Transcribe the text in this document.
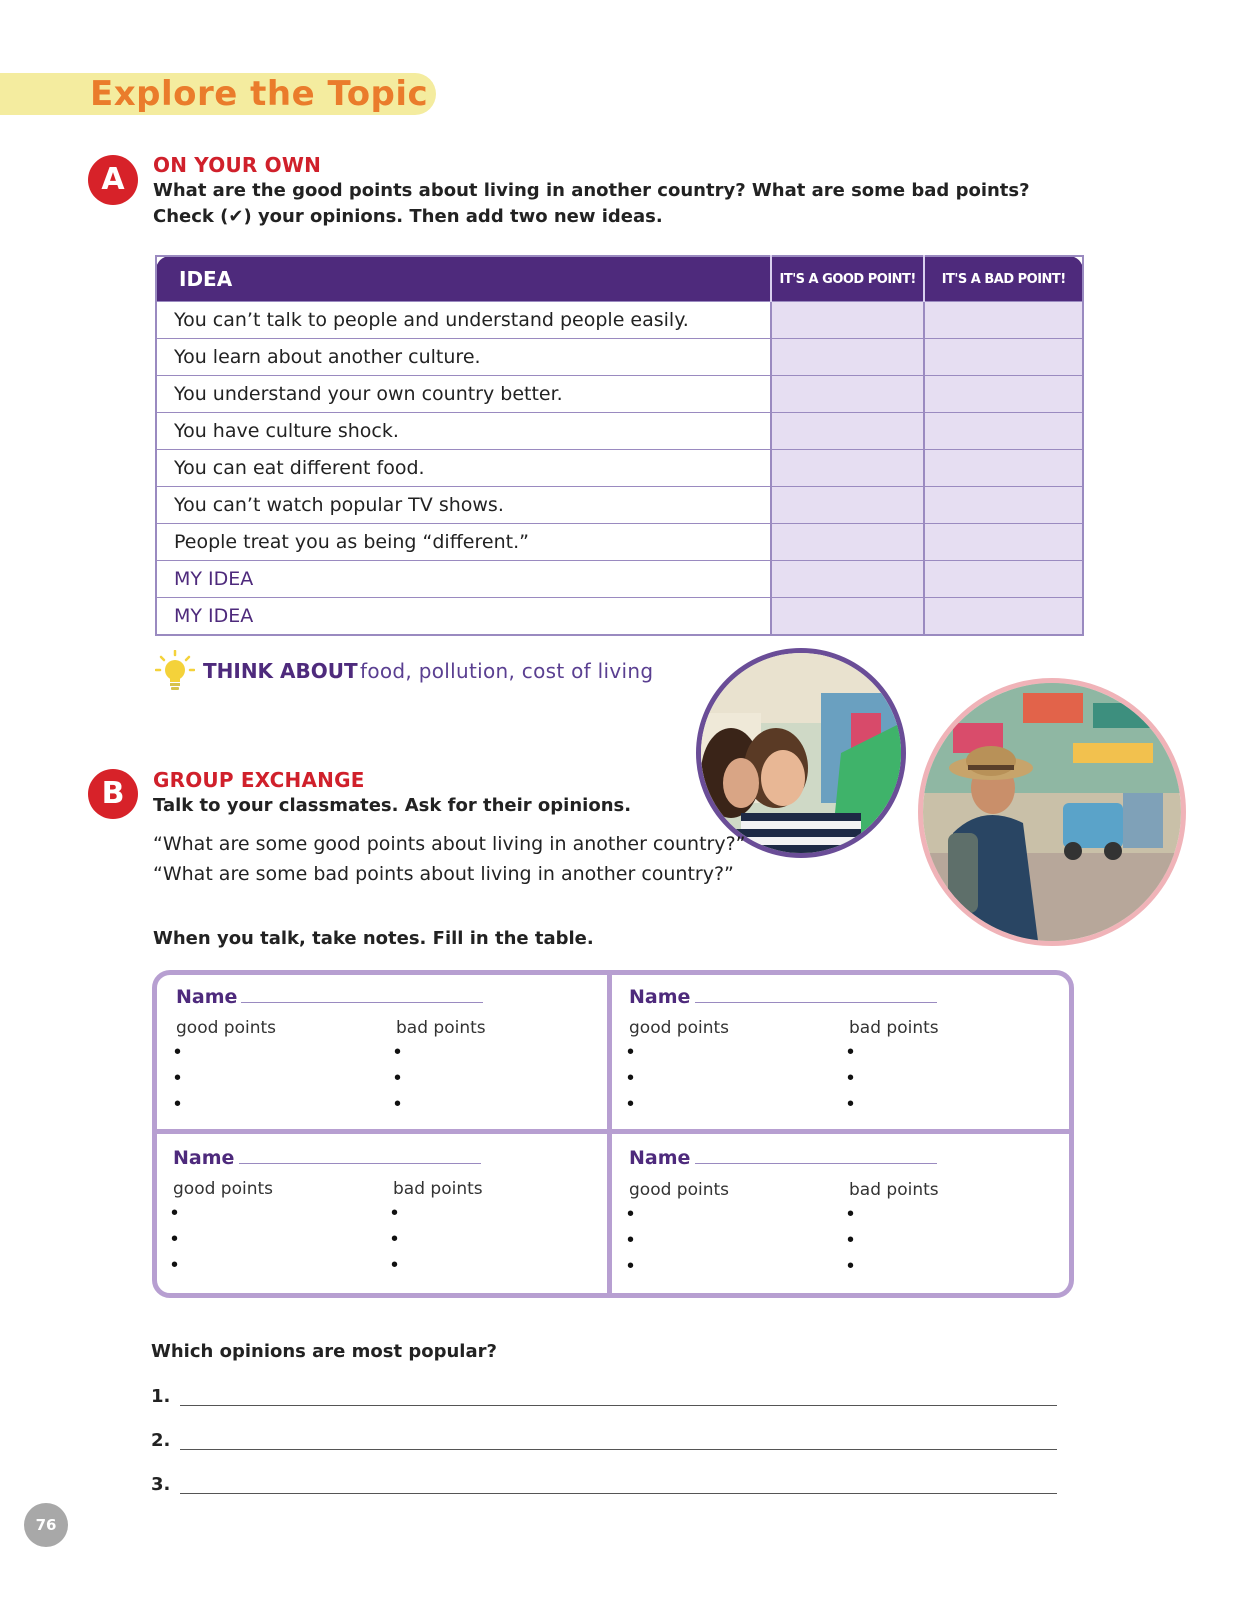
Explore the Topic
A	ON YOUR OWN
What are the good points about living in another country? What are some bad points?
Check (✔) your opinions. Then add two new ideas.
IDEA	IT'S A GOOD POINT!	IT'S A BAD POINT!
You can’t talk to people and understand people easily.		
You learn about another culture.		
You understand your own country better.		
You have culture shock.		
You can eat different food.		
You can’t watch popular TV shows.		
People treat you as being “different.”		
MY IDEA		
MY IDEA		
THINK ABOUT food, pollution, cost of living
B	GROUP EXCHANGE
Talk to your classmates. Ask for their opinions.
“What are some good points about living in another country?”
“What are some bad points about living in another country?”
When you talk, take notes. Fill in the table.
Name
good points	bad points
•
•
•
•
•
•
Name
good points	bad points
•
•
•
•
•
•
Name
good points	bad points
•
•
•
•
•
•
Name
good points	bad points
•
•
•
•
•
•
Which opinions are most popular?
1.
2.
3.
76
